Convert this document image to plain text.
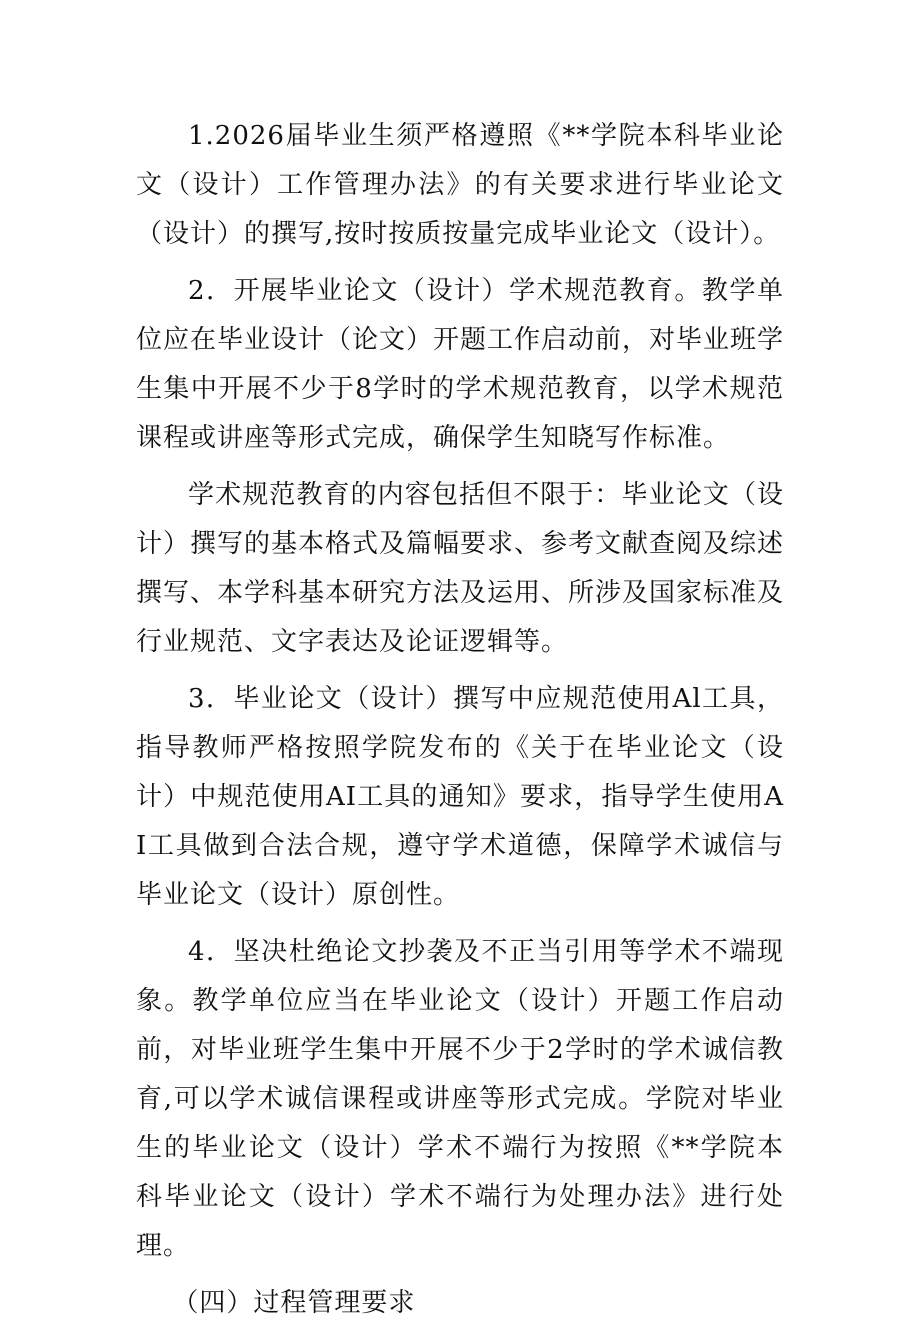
1.2026届毕业生须严格遵照《**学院本科毕业论文（设计）工作管理办法》的有关要求进行毕业论文（设计）的撰写,按时按质按量完成毕业论文（设计）。

2．开展毕业论文（设计）学术规范教育。教学单位应在毕业设计（论文）开题工作启动前，对毕业班学生集中开展不少于8学时的学术规范教育，以学术规范课程或讲座等形式完成，确保学生知晓写作标准。

学术规范教育的内容包括但不限于：毕业论文（设计）撰写的基本格式及篇幅要求、参考文献查阅及综述撰写、本学科基本研究方法及运用、所涉及国家标准及行业规范、文字表达及论证逻辑等。

3．毕业论文（设计）撰写中应规范使用Al工具，指导教师严格按照学院发布的《关于在毕业论文（设计）中规范使用AI工具的通知》要求，指导学生使用AI工具做到合法合规，遵守学术道德，保障学术诚信与毕业论文（设计）原创性。

4．坚决杜绝论文抄袭及不正当引用等学术不端现象。教学单位应当在毕业论文（设计）开题工作启动前，对毕业班学生集中开展不少于2学时的学术诚信教育,可以学术诚信课程或讲座等形式完成。学院对毕业生的毕业论文（设计）学术不端行为按照《**学院本科毕业论文（设计）学术不端行为处理办法》进行处理。

（四）过程管理要求
